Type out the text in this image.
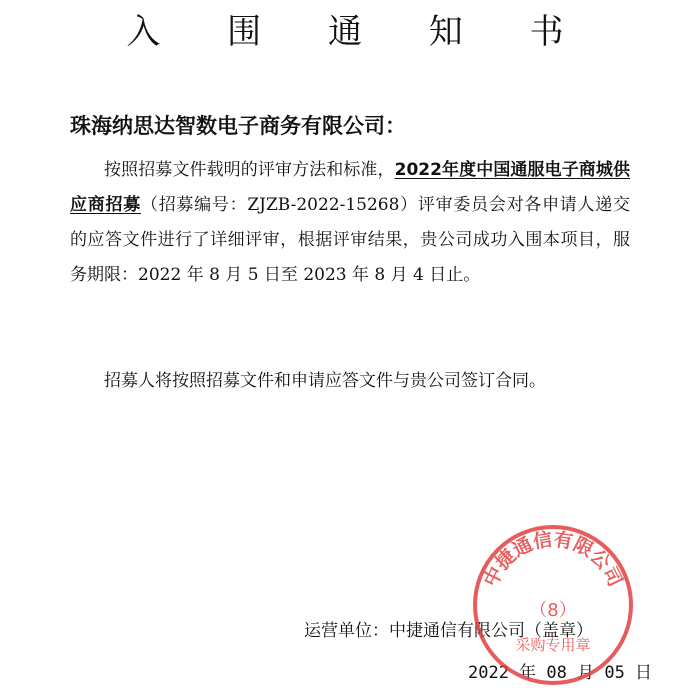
入 围 通 知 书
珠海纳思达智数电子商务有限公司：
按照招募文件载明的评审方法和标准，2022年度中国通服电子商城供应商招募（招募编号：ZJZB-2022-15268）评审委员会对各申请人递交的应答文件进行了详细评审，根据评审结果，贵公司成功入围本项目，服务期限：2022 年 8 月 5 日至 2023 年 8 月 4 日止。
招募人将按照招募文件和申请应答文件与贵公司签订合同。
运营单位：中捷通信有限公司（盖章）
2022 年 08 月 05 日
中捷通信有限公司
（8）
采购专用章
